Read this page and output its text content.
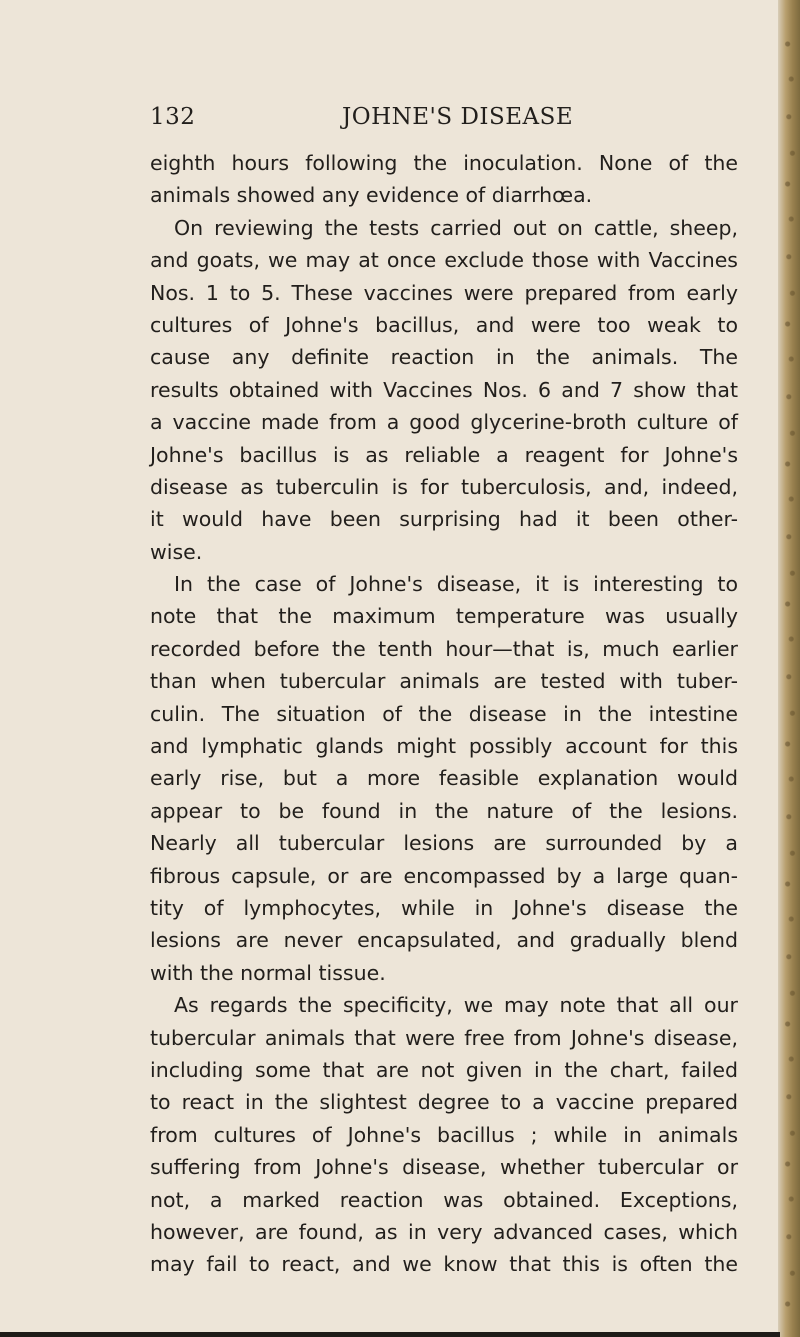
132	JOHNE'S DISEASE
eighth hours following the inoculation. None of the
animals showed any evidence of diarrhœa.
On reviewing the tests carried out on cattle, sheep,
and goats, we may at once exclude those with Vaccines
Nos. 1 to 5. These vaccines were prepared from early
cultures of Johne's bacillus, and were too weak to
cause any definite reaction in the animals. The
results obtained with Vaccines Nos. 6 and 7 show that
a vaccine made from a good glycerine-broth culture of
Johne's bacillus is as reliable a reagent for Johne's
disease as tuberculin is for tuberculosis, and, indeed,
it would have been surprising had it been other-
wise.
In the case of Johne's disease, it is interesting to
note that the maximum temperature was usually
recorded before the tenth hour—that is, much earlier
than when tubercular animals are tested with tuber-
culin. The situation of the disease in the intestine
and lymphatic glands might possibly account for this
early rise, but a more feasible explanation would
appear to be found in the nature of the lesions.
Nearly all tubercular lesions are surrounded by a
fibrous capsule, or are encompassed by a large quan-
tity of lymphocytes, while in Johne's disease the
lesions are never encapsulated, and gradually blend
with the normal tissue.
As regards the specificity, we may note that all our
tubercular animals that were free from Johne's disease,
including some that are not given in the chart, failed
to react in the slightest degree to a vaccine prepared
from cultures of Johne's bacillus ; while in animals
suffering from Johne's disease, whether tubercular or
not, a marked reaction was obtained. Exceptions,
however, are found, as in very advanced cases, which
may fail to react, and we know that this is often the
